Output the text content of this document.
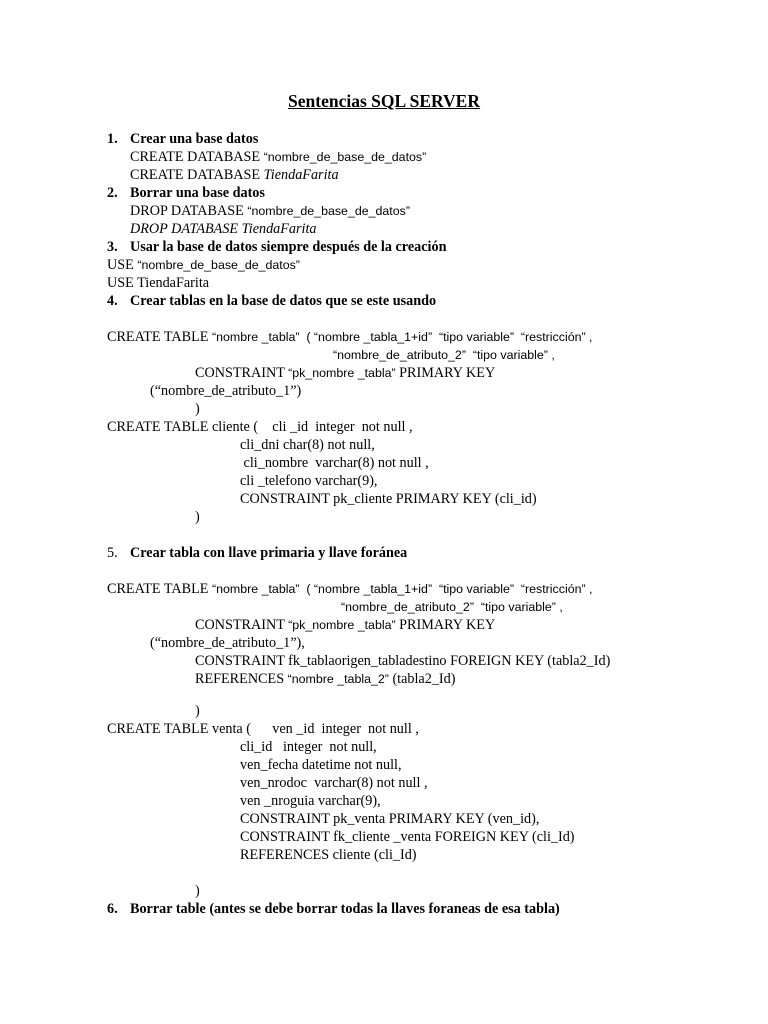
Sentencias SQL SERVER
1. Crear una base datos
CREATE DATABASE “nombre_de_base_de_datos”
CREATE DATABASE TiendaFarita
2. Borrar una base datos
DROP DATABASE “nombre_de_base_de_datos”
DROP DATABASE TiendaFarita
3. Usar la base de datos siempre después de la creación
USE “nombre_de_base_de_datos”
USE TiendaFarita
4. Crear tablas en la base de datos que se este usando
CREATE TABLE “nombre _tabla”  ( “nombre _tabla_1+id”  “tipo variable”  “restricción” ,
“nombre_de_atributo_2”  “tipo variable” ,
CONSTRAINT “pk_nombre _tabla” PRIMARY KEY
(“nombre_de_atributo_1”)
)
CREATE TABLE cliente (    cli _id  integer  not null ,
cli_dni char(8) not null,
cli_nombre  varchar(8) not null ,
cli _telefono varchar(9),
CONSTRAINT pk_cliente PRIMARY KEY (cli_id)
)
5. Crear tabla con llave primaria y llave foránea
CREATE TABLE “nombre _tabla”  ( “nombre _tabla_1+id”  “tipo variable”  “restricción” ,
“nombre_de_atributo_2”  “tipo variable” ,
CONSTRAINT “pk_nombre _tabla” PRIMARY KEY
(“nombre_de_atributo_1”),
CONSTRAINT fk_tablaorigen_tabladestino FOREIGN KEY (tabla2_Id)
REFERENCES “nombre _tabla_2” (tabla2_Id)
)
CREATE TABLE venta (      ven _id  integer  not null ,
cli_id   integer  not null,
ven_fecha datetime not null,
ven_nrodoc  varchar(8) not null ,
ven _nroguia varchar(9),
CONSTRAINT pk_venta PRIMARY KEY (ven_id),
CONSTRAINT fk_cliente _venta FOREIGN KEY (cli_Id)
REFERENCES cliente (cli_Id)
)
6. Borrar table (antes se debe borrar todas la llaves foraneas de esa tabla)
